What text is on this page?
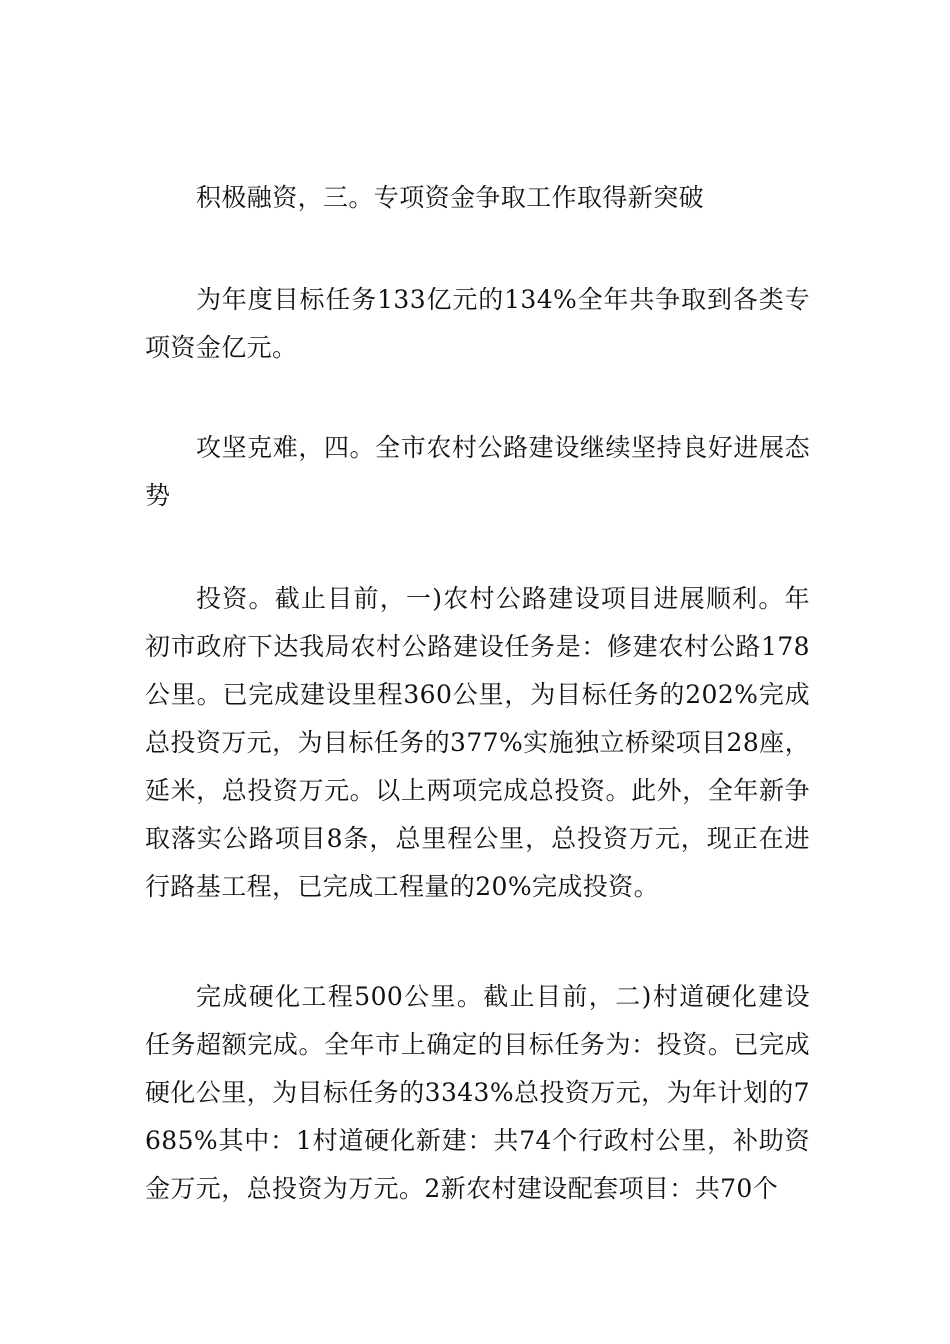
积极融资，三。专项资金争取工作取得新突破

为年度目标任务133亿元的134%全年共争取到各类专项资金亿元。

攻坚克难，四。全市农村公路建设继续坚持良好进展态势

投资。截止目前，一)农村公路建设项目进展顺利。年初市政府下达我局农村公路建设任务是：修建农村公路178公里。已完成建设里程360公里，为目标任务的202%完成总投资万元，为目标任务的377%实施独立桥梁项目28座，延米，总投资万元。以上两项完成总投资。此外，全年新争取落实公路项目8条，总里程公里，总投资万元，现正在进行路基工程，已完成工程量的20%完成投资。

完成硬化工程500公里。截止目前，二)村道硬化建设任务超额完成。全年市上确定的目标任务为：投资。已完成硬化公里，为目标任务的3343%总投资万元，为年计划的7685%其中：1村道硬化新建：共74个行政村公里，补助资金万元，总投资为万元。2新农村建设配套项目：共70个
